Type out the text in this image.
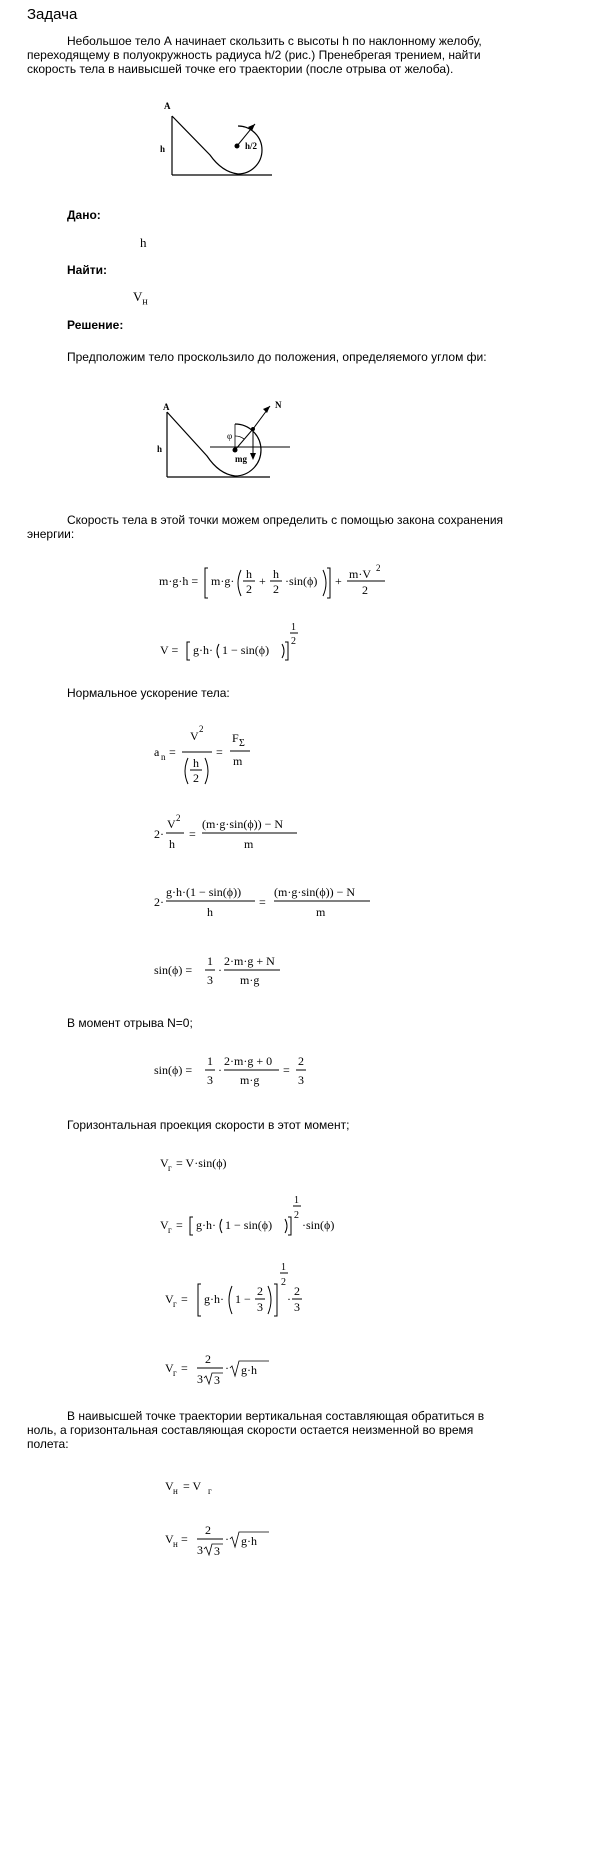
Задача
Небольшое тело А начинает скользить с высоты h по наклонному желобу,
переходящему в полуокружность радиуса h/2 (рис.) Пренебрегая трением, найти
скорость тела в наивысшей точке его траектории (после отрыва от желоба).
A
h	h/2
Дано:
h
Найти:
$V_н$
Решение:
Предположим тело проскользило до положения, определяемого углом фи:
A
h
N
mg
φ
Скорость тела в этой точки можем определить с помощью закона сохранения
энергии:
m·g·h = m·g· h
2
+ h
2
·sin(ϕ) + m·V 2
2
V = g·h· 1 − sin(ϕ)
1
2
Нормальное ускорение тела:
a n =
V 2
h
2
=
F Σ
m
2·
V 2
h
=
(m·g·sin(ϕ)) − N
m
2·
g·h·(1 − sin(ϕ))
h
=
(m·g·sin(ϕ)) − N
m
sin(ϕ) =
1
3
·
2·m·g + N
m·g
В момент отрыва N=0;
sin(ϕ) =
1
3
·
2·m·g + 0
m·g
=
2
3
Горизонтальная проекция скорости в этот момент;
V г = V·sin(ϕ)
V г = g·h· 1 − sin(ϕ)
1
2
·sin(ϕ)
V г = g·h· 1 −
2
3
1
2
·
2
3
V г =
2
3 3
· g·h
В наивысшей точке траектории вертикальная составляющая обратиться в
ноль, а горизонтальная составляющая скорости остается неизменной во время
полета:
V н = V г
V н =
2
3 3
· g·h
